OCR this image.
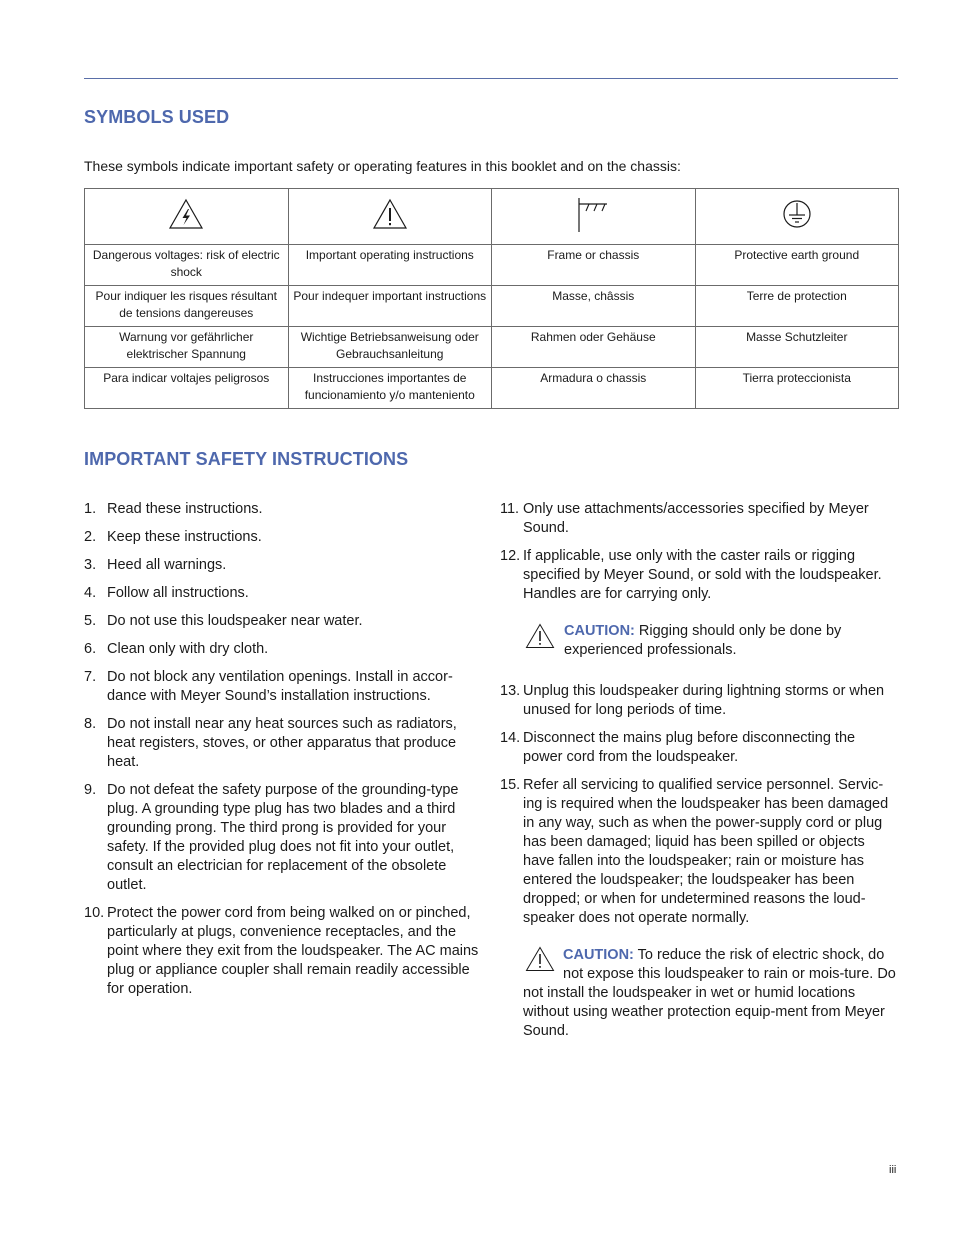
SYMBOLS USED
These symbols indicate important safety or operating features in this booklet and on the chassis:

Dangerous voltages: risk of electric shock	Important operating instructions	Frame or chassis	Protective earth ground
Pour indiquer les risques résultant de tensions dangereuses	Pour indequer important instructions	Masse, châssis	Terre de protection
Warnung vor gefährlicher elektrischer Spannung	Wichtige Betriebsanweisung oder Gebrauchsanleitung	Rahmen oder Gehäuse	Masse Schutzleiter
Para indicar voltajes peligrosos	Instrucciones importantes de funcionamiento y/o manteniento	Armadura o chassis	Tierra proteccionista
IMPORTANT SAFETY INSTRUCTIONS
1. Read these instructions.
2. Keep these instructions.
3. Heed all warnings.
4. Follow all instructions.
5. Do not use this loudspeaker near water.
6. Clean only with dry cloth.
7. Do not block any ventilation openings. Install in accor-dance with Meyer Sound’s installation instructions.
8. Do not install near any heat sources such as radiators, heat registers, stoves, or other apparatus that produce heat.
9. Do not defeat the safety purpose of the grounding-type plug. A grounding type plug has two blades and a third grounding prong. The third prong is provided for your safety. If the provided plug does not fit into your outlet, consult an electrician for replacement of the obsolete outlet.
10. Protect the power cord from being walked on or pinched, particularly at plugs, convenience receptacles, and the point where they exit from the loudspeaker. The AC mains plug or appliance coupler shall remain readily accessible for operation.
11. Only use attachments/accessories specified by Meyer Sound.
12. If applicable, use only with the caster rails or rigging specified by Meyer Sound, or sold with the loudspeaker. Handles are for carrying only.
CAUTION: Rigging should only be done by experienced professionals.
13. Unplug this loudspeaker during lightning storms or when unused for long periods of time.
14. Disconnect the mains plug before disconnecting the power cord from the loudspeaker.
15. Refer all servicing to qualified service personnel. Servic-ing is required when the loudspeaker has been damaged in any way, such as when the power-supply cord or plug has been damaged; liquid has been spilled or objects have fallen into the loudspeaker; rain or moisture has entered the loudspeaker; the loudspeaker has been dropped; or when for undetermined reasons the loud-speaker does not operate normally.
CAUTION: To reduce the risk of electric shock, do not expose this loudspeaker to rain or mois-ture. Do not install the loudspeaker in wet or humid locations without using weather protection equip-ment from Meyer Sound.
iii
